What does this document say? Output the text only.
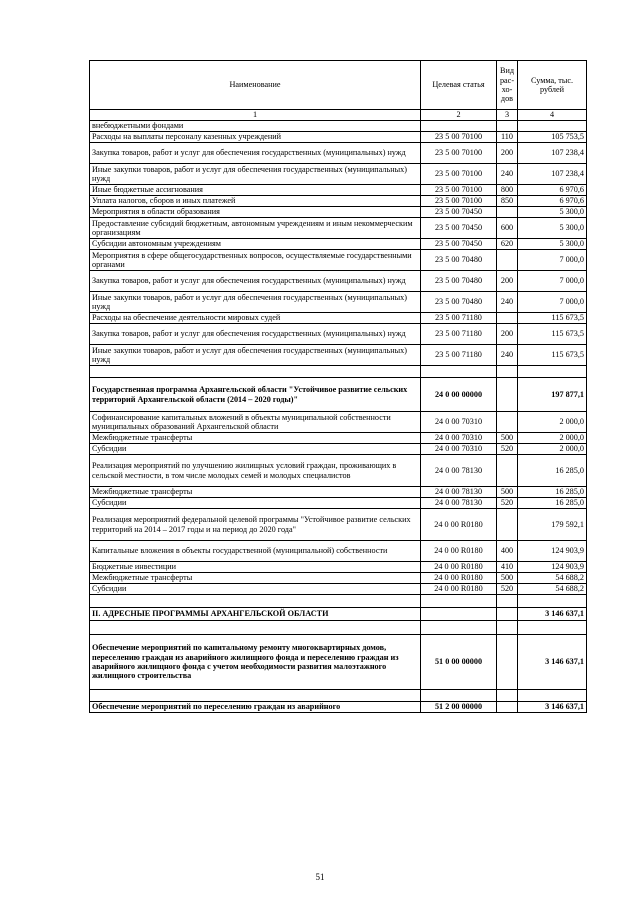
Наименование	Целевая статья	Вид рас- хо- дов	Сумма, тыс. рублей
1	2	3	4
внебюджетными фондами			
Расходы на выплаты персоналу казенных учреждений	23 5 00 70100	110	105 753,5
Закупка товаров, работ и услуг для обеспечения государственных (муниципальных) нужд	23 5 00 70100	200	107 238,4
Иные закупки товаров, работ и услуг для обеспечения государственных (муниципальных) нужд	23 5 00 70100	240	107 238,4
Иные бюджетные ассигнования	23 5 00 70100	800	6 970,6
Уплата налогов, сборов и иных платежей	23 5 00 70100	850	6 970,6
Мероприятия в области образования	23 5 00 70450		5 300,0
Предоставление субсидий бюджетным, автономным учреждениям и иным некоммерческим организациям	23 5 00 70450	600	5 300,0
Субсидии автономным учреждениям	23 5 00 70450	620	5 300,0
Мероприятия в сфере общегосударственных вопросов, осуществляемые государственными органами	23 5 00 70480		7 000,0
Закупка товаров, работ и услуг для обеспечения государственных (муниципальных) нужд	23 5 00 70480	200	7 000,0
Иные закупки товаров, работ и услуг для обеспечения государственных (муниципальных) нужд	23 5 00 70480	240	7 000,0
Расходы на обеспечение деятельности мировых судей	23 5 00 71180		115 673,5
Закупка товаров, работ и услуг для обеспечения государственных (муниципальных) нужд	23 5 00 71180	200	115 673,5
Иные закупки товаров, работ и услуг для обеспечения государственных (муниципальных) нужд	23 5 00 71180	240	115 673,5

Государственная программа Архангельской области "Устойчивое развитие сельских территорий Архангельской области (2014 – 2020 годы)"	24 0 00 00000		197 877,1
Софинансирование капитальных вложений в объекты муниципальной собственности муниципальных образований Архангельской области	24 0 00 70310		2 000,0
Межбюджетные трансферты	24 0 00 70310	500	2 000,0
Субсидии	24 0 00 70310	520	2 000,0
Реализация мероприятий по улучшению жилищных условий граждан, проживающих в сельской местности, в том числе молодых семей и молодых специалистов	24 0 00 78130		16 285,0
Межбюджетные трансферты	24 0 00 78130	500	16 285,0
Субсидии	24 0 00 78130	520	16 285,0
Реализация мероприятий федеральной целевой программы "Устойчивое развитие сельских территорий на 2014 – 2017 годы и на период до 2020 года"	24 0 00 R0180		179 592,1
Капитальные вложения в объекты государственной (муниципальной) собственности	24 0 00 R0180	400	124 903,9
Бюджетные инвестиции	24 0 00 R0180	410	124 903,9
Межбюджетные трансферты	24 0 00 R0180	500	54 688,2
Субсидии	24 0 00 R0180	520	54 688,2

II. АДРЕСНЫЕ ПРОГРАММЫ АРХАНГЕЛЬСКОЙ ОБЛАСТИ			3 146 637,1

Обеспечение мероприятий по капитальному ремонту многоквартирных домов, переселению граждан из аварийного жилищного фонда и переселению граждан из аварийного жилищного фонда с учетом необходимости развития малоэтажного жилищного строительства	51 0 00 00000		3 146 637,1

Обеспечение мероприятий по переселению граждан из аварийного	51 2 00 00000		3 146 637,1
51
